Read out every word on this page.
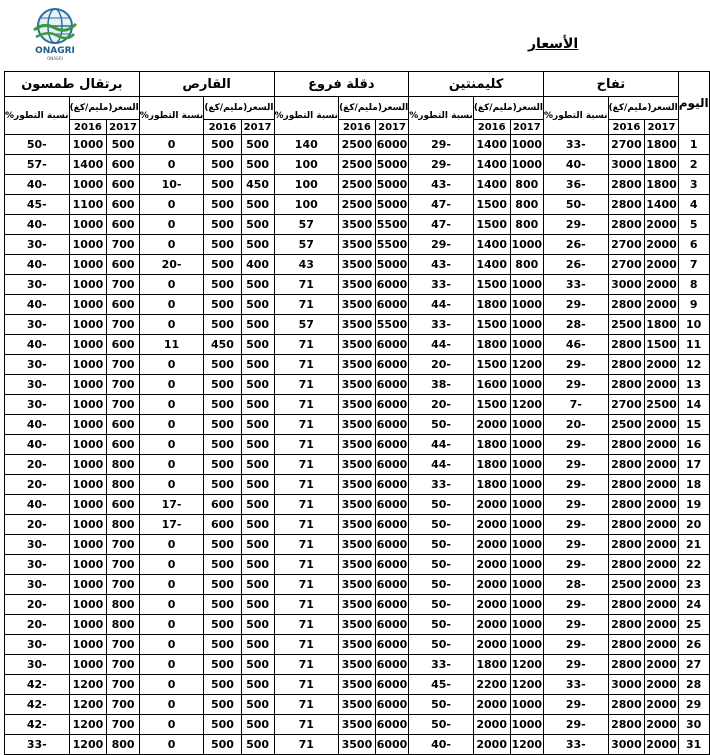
ONAGRI
ONAGRI
الأسعار
اليوم	تفاح			كليمنتين			دقلة فروع			القارص			برتقال طمسون		
	السعر(مليم/كغ)		نسبة التطور%	السعر(مليم/كغ)		نسبة التطور%	السعر(مليم/كغ)		نسبة التطور%	السعر(مليم/كغ)		نسبة التطور%	السعر(مليم/كغ)		نسبة التطور%
	2017	2016		2017	2016		2017	2016		2017	2016		2017	2016	
1	1800	2700	-33	1000	1400	-29	6000	2500	140	500	500	0	500	1000	-50
2	1800	3000	-40	1000	1400	-29	5000	2500	100	500	500	0	600	1400	-57
3	1800	2800	-36	800	1400	-43	5000	2500	100	450	500	-10	600	1000	-40
4	1400	2800	-50	800	1500	-47	5000	2500	100	500	500	0	600	1100	-45
5	2000	2800	-29	800	1500	-47	5500	3500	57	500	500	0	600	1000	-40
6	2000	2700	-26	1000	1400	-29	5500	3500	57	500	500	0	700	1000	-30
7	2000	2700	-26	800	1400	-43	5000	3500	43	400	500	-20	600	1000	-40
8	2000	3000	-33	1000	1500	-33	6000	3500	71	500	500	0	700	1000	-30
9	2000	2800	-29	1000	1800	-44	6000	3500	71	500	500	0	600	1000	-40
10	1800	2500	-28	1000	1500	-33	5500	3500	57	500	500	0	700	1000	-30
11	1500	2800	-46	1000	1800	-44	6000	3500	71	500	450	11	600	1000	-40
12	2000	2800	-29	1200	1500	-20	6000	3500	71	500	500	0	700	1000	-30
13	2000	2800	-29	1000	1600	-38	6000	3500	71	500	500	0	700	1000	-30
14	2500	2700	-7	1200	1500	-20	6000	3500	71	500	500	0	700	1000	-30
15	2000	2500	-20	1000	2000	-50	6000	3500	71	500	500	0	600	1000	-40
16	2000	2800	-29	1000	1800	-44	6000	3500	71	500	500	0	600	1000	-40
17	2000	2800	-29	1000	1800	-44	6000	3500	71	500	500	0	800	1000	-20
18	2000	2800	-29	1000	1800	-33	6000	3500	71	500	500	0	800	1000	-20
19	2000	2800	-29	1000	2000	-50	6000	3500	71	500	600	-17	600	1000	-40
20	2000	2800	-29	1000	2000	-50	6000	3500	71	500	600	-17	800	1000	-20
21	2000	2800	-29	1000	2000	-50	6000	3500	71	500	500	0	700	1000	-30
22	2000	2800	-29	1000	2000	-50	6000	3500	71	500	500	0	700	1000	-30
23	2000	2500	-28	1000	2000	-50	6000	3500	71	500	500	0	700	1000	-30
24	2000	2800	-29	1000	2000	-50	6000	3500	71	500	500	0	800	1000	-20
25	2000	2800	-29	1000	2000	-50	6000	3500	71	500	500	0	800	1000	-20
26	2000	2800	-29	1000	2000	-50	6000	3500	71	500	500	0	700	1000	-30
27	2000	2800	-29	1200	1800	-33	6000	3500	71	500	500	0	700	1000	-30
28	2000	3000	-33	1200	2200	-45	6000	3500	71	500	500	0	700	1200	-42
29	2000	2800	-29	1000	2000	-50	6000	3500	71	500	500	0	700	1200	-42
30	2000	2800	-29	1000	2000	-50	6000	3500	71	500	500	0	700	1200	-42
31	2000	3000	-33	1200	2000	-40	6000	3500	71	500	500	0	800	1200	-33
